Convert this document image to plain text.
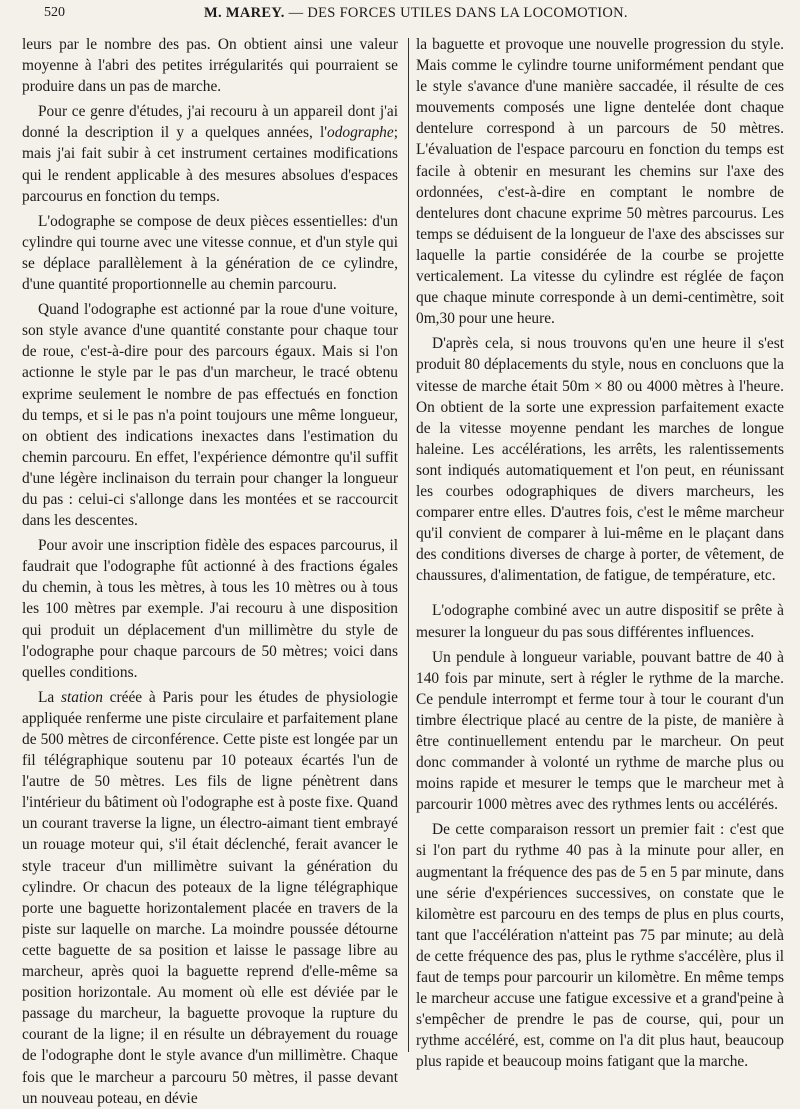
520	M. MAREY. — DES FORCES UTILES DANS LA LOCOMOTION.

leurs par le nombre des pas. On obtient ainsi une valeur moyenne à l'abri des petites irrégularités qui pourraient se produire dans un pas de marche.

Pour ce genre d'études, j'ai recouru à un appareil dont j'ai donné la description il y a quelques années, l'odographe; mais j'ai fait subir à cet instrument certaines modifications qui le rendent applicable à des mesures absolues d'espaces parcourus en fonction du temps.

L'odographe se compose de deux pièces essentielles: d'un cylindre qui tourne avec une vitesse connue, et d'un style qui se déplace parallèlement à la génération de ce cylindre, d'une quantité proportionnelle au chemin parcouru.

Quand l'odographe est actionné par la roue d'une voiture, son style avance d'une quantité constante pour chaque tour de roue, c'est-à-dire pour des parcours égaux. Mais si l'on actionne le style par le pas d'un marcheur, le tracé obtenu exprime seulement le nombre de pas effectués en fonction du temps, et si le pas n'a point toujours une même longueur, on obtient des indications inexactes dans l'estimation du chemin parcouru. En effet, l'expérience démontre qu'il suffit d'une légère inclinaison du terrain pour changer la longueur du pas : celui-ci s'allonge dans les montées et se raccourcit dans les descentes.

Pour avoir une inscription fidèle des espaces parcourus, il faudrait que l'odographe fût actionné à des fractions égales du chemin, à tous les mètres, à tous les 10 mètres ou à tous les 100 mètres par exemple. J'ai recouru à une disposition qui produit un déplacement d'un millimètre du style de l'odographe pour chaque parcours de 50 mètres; voici dans quelles conditions.

La station créée à Paris pour les études de physiologie appliquée renferme une piste circulaire et parfaitement plane de 500 mètres de circonférence. Cette piste est longée par un fil télégraphique soutenu par 10 poteaux écartés l'un de l'autre de 50 mètres. Les fils de ligne pénètrent dans l'intérieur du bâtiment où l'odographe est à poste fixe. Quand un courant traverse la ligne, un électro-aimant tient embrayé un rouage moteur qui, s'il était déclenché, ferait avancer le style traceur d'un millimètre suivant la génération du cylindre. Or chacun des poteaux de la ligne télégraphique porte une baguette horizontalement placée en travers de la piste sur laquelle on marche. La moindre poussée détourne cette baguette de sa position et laisse le passage libre au marcheur, après quoi la baguette reprend d'elle-même sa position horizontale. Au moment où elle est déviée par le passage du marcheur, la baguette provoque la rupture du courant de la ligne; il en résulte un débrayement du rouage de l'odographe dont le style avance d'un millimètre. Chaque fois que le marcheur a parcouru 50 mètres, il passe devant un nouveau poteau, en dévie

la baguette et provoque une nouvelle progression du style. Mais comme le cylindre tourne uniformément pendant que le style s'avance d'une manière saccadée, il résulte de ces mouvements composés une ligne dentelée dont chaque dentelure correspond à un parcours de 50 mètres. L'évaluation de l'espace parcouru en fonction du temps est facile à obtenir en mesurant les chemins sur l'axe des ordonnées, c'est-à-dire en comptant le nombre de dentelures dont chacune exprime 50 mètres parcourus. Les temps se déduisent de la longueur de l'axe des abscisses sur laquelle la partie considérée de la courbe se projette verticalement. La vitesse du cylindre est réglée de façon que chaque minute corresponde à un demi-centimètre, soit 0m,30 pour une heure.

D'après cela, si nous trouvons qu'en une heure il s'est produit 80 déplacements du style, nous en concluons que la vitesse de marche était 50m × 80 ou 4000 mètres à l'heure. On obtient de la sorte une expression parfaitement exacte de la vitesse moyenne pendant les marches de longue haleine. Les accélérations, les arrêts, les ralentissements sont indiqués automatiquement et l'on peut, en réunissant les courbes odographiques de divers marcheurs, les comparer entre elles. D'autres fois, c'est le même marcheur qu'il convient de comparer à lui-même en le plaçant dans des conditions diverses de charge à porter, de vêtement, de chaussures, d'alimentation, de fatigue, de température, etc.

L'odographe combiné avec un autre dispositif se prête à mesurer la longueur du pas sous différentes influences.

Un pendule à longueur variable, pouvant battre de 40 à 140 fois par minute, sert à régler le rythme de la marche. Ce pendule interrompt et ferme tour à tour le courant d'un timbre électrique placé au centre de la piste, de manière à être continuellement entendu par le marcheur. On peut donc commander à volonté un rythme de marche plus ou moins rapide et mesurer le temps que le marcheur met à parcourir 1000 mètres avec des rythmes lents ou accélérés.

De cette comparaison ressort un premier fait : c'est que si l'on part du rythme 40 pas à la minute pour aller, en augmentant la fréquence des pas de 5 en 5 par minute, dans une série d'expériences successives, on constate que le kilomètre est parcouru en des temps de plus en plus courts, tant que l'accélération n'atteint pas 75 par minute; au delà de cette fréquence des pas, plus le rythme s'accélère, plus il faut de temps pour parcourir un kilomètre. En même temps le marcheur accuse une fatigue excessive et a grand'peine à s'empêcher de prendre le pas de course, qui, pour un rythme accéléré, est, comme on l'a dit plus haut, beaucoup plus rapide et beaucoup moins fatigant que la marche.
